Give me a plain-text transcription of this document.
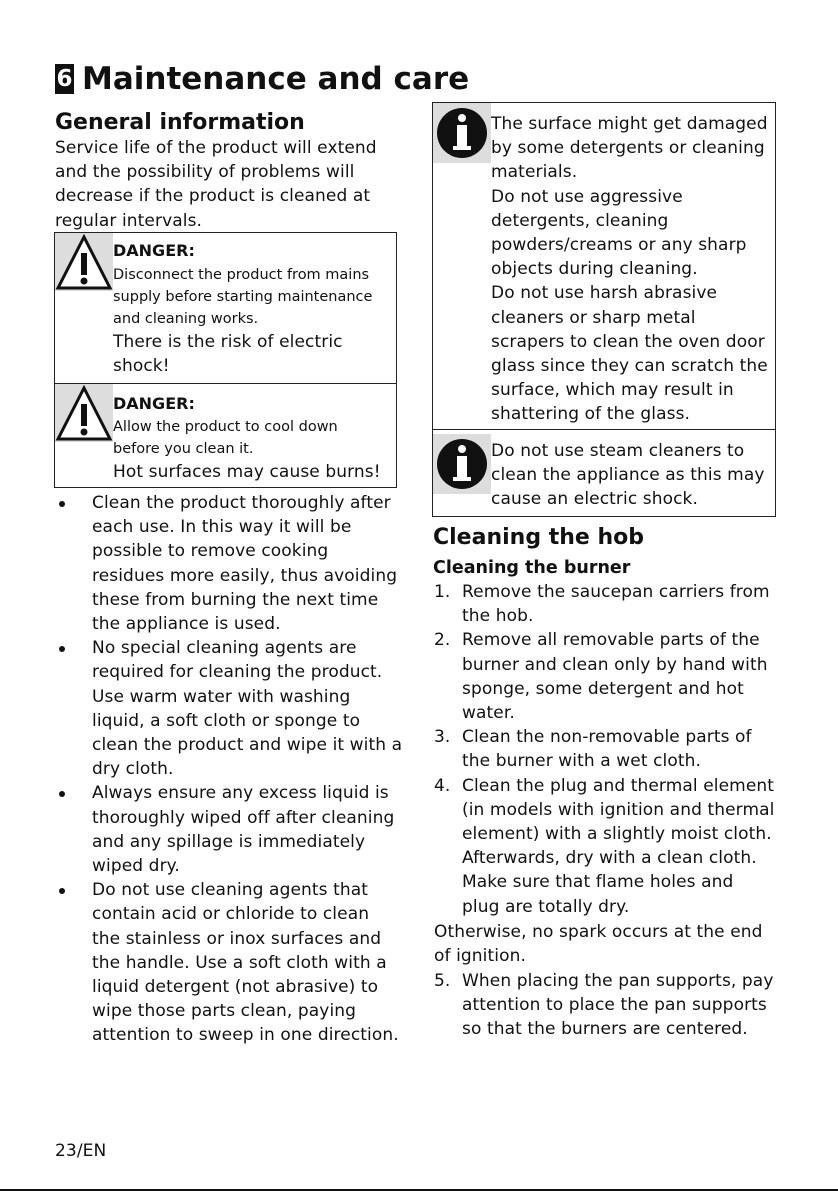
6 Maintenance and care
General information
Service life of the product will extend
and the possibility of problems will
decrease if the product is cleaned at
regular intervals.
DANGER:
Disconnect the product from mains
supply before starting maintenance
and cleaning works.
There is the risk of electric
shock!
DANGER:
Allow the product to cool down
before you clean it.
Hot surfaces may cause burns!
Clean the product thoroughly after
each use. In this way it will be
possible to remove cooking
residues more easily, thus avoiding
these from burning the next time
the appliance is used.
No special cleaning agents are
required for cleaning the product.
Use warm water with washing
liquid, a soft cloth or sponge to
clean the product and wipe it with a
dry cloth.
Always ensure any excess liquid is
thoroughly wiped off after cleaning
and any spillage is immediately
wiped dry.
Do not use cleaning agents that
contain acid or chloride to clean
the stainless or inox surfaces and
the handle. Use a soft cloth with a
liquid detergent (not abrasive) to
wipe those parts clean, paying
attention to sweep in one direction.
The surface might get damaged
by some detergents or cleaning
materials.
Do not use aggressive
detergents, cleaning
powders/creams or any sharp
objects during cleaning.
Do not use harsh abrasive
cleaners or sharp metal
scrapers to clean the oven door
glass since they can scratch the
surface, which may result in
shattering of the glass.
Do not use steam cleaners to
clean the appliance as this may
cause an electric shock.
Cleaning the hob
Cleaning the burner
1. Remove the saucepan carriers from
the hob.
2. Remove all removable parts of the
burner and clean only by hand with
sponge, some detergent and hot
water.
3. Clean the non-removable parts of
the burner with a wet cloth.
4. Clean the plug and thermal element
(in models with ignition and thermal
element) with a slightly moist cloth.
Afterwards, dry with a clean cloth.
Make sure that flame holes and
plug are totally dry.
Otherwise, no spark occurs at the end
of ignition.
5. When placing the pan supports, pay
attention to place the pan supports
so that the burners are centered.
23/EN
